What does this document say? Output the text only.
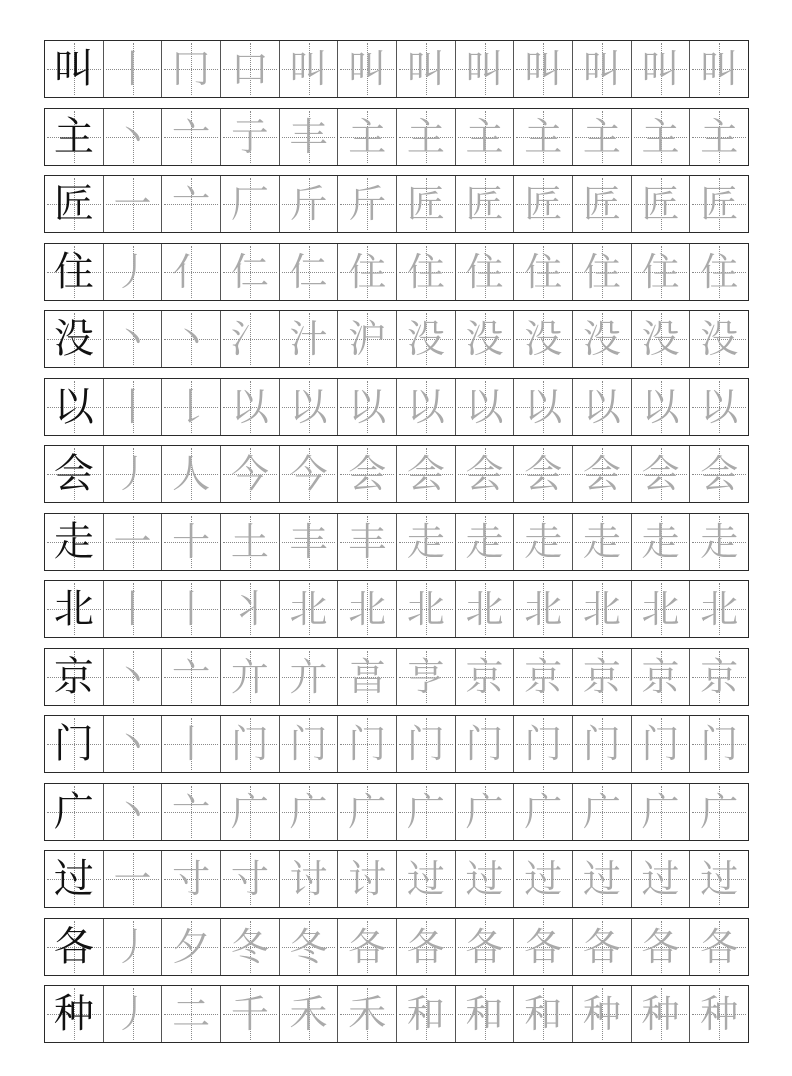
叫 丨 冂 口 叫 叫 叫 叫 叫 叫 叫 叫
主 丶 亠 亍 丰 主 主 主 主 主 主 主
匠 一 亠 厂 斤 斤 匠 匠 匠 匠 匠 匠
住 丿 亻 仁 仁 住 住 住 住 住 住 住
没 丶 丶 氵 汁 沪 没 没 没 没 没 没
以 丨 𠄌 以 以 以 以 以 以 以 以 以
会 丿 人 今 今 会 会 会 会 会 会 会
走 一 十 土 丰 丰 走 走 走 走 走 走
北 丨 丨 丬 北 北 北 北 北 北 北 北
京 丶 亠 亣 亣 亯 亨 京 京 京 京 京
门 丶 丨 门 门 门 门 门 门 门 门 门
广 丶 亠 广 广 广 广 广 广 广 广 广
过 一 寸 寸 讨 讨 过 过 过 过 过 过
各 丿 夕 冬 冬 各 各 各 各 各 各 各
种 丿 二 千 禾 禾 和 和 和 种 种 种
